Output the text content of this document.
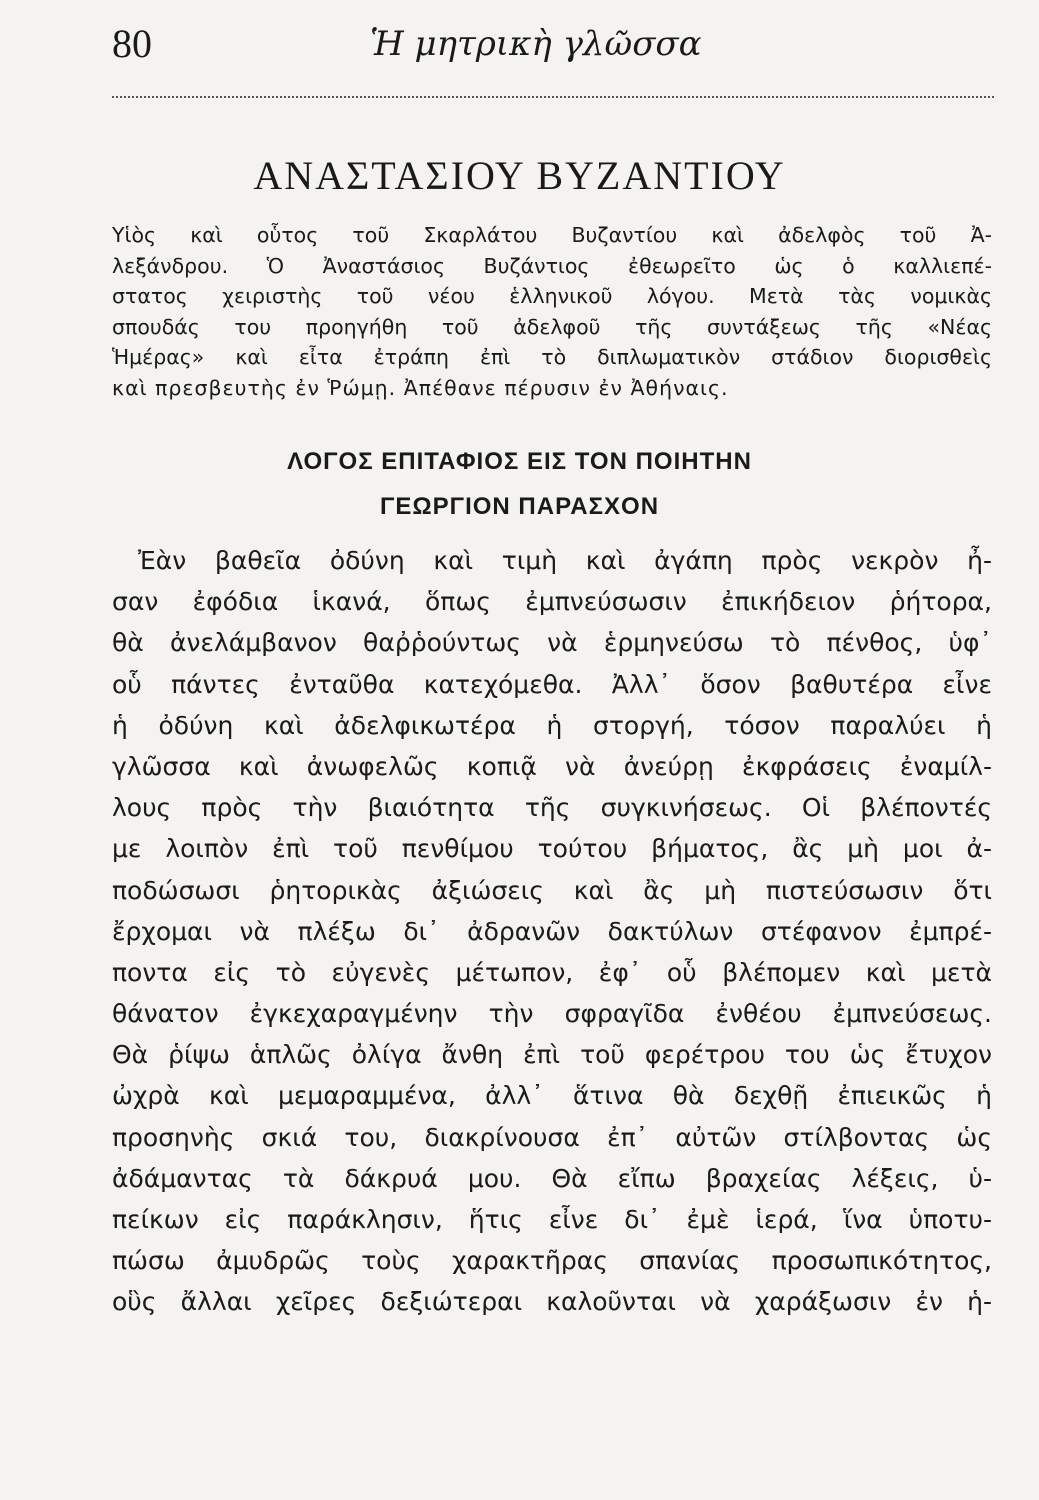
80	Ἡ μητρικὴ γλῶσσα
ΑΝΑΣΤΑΣΙΟΥ ΒΥΖΑΝΤΙΟΥ
Υἱὸς καὶ οὗτος τοῦ Σκαρλάτου Βυζαντίου καὶ ἀδελφὸς τοῦ Ἀ-
λεξάνδρου. Ὁ Ἀναστάσιος Βυζάντιος ἐθεωρεῖτο ὡς ὁ καλλιεπέ-
στατος χειριστὴς τοῦ νέου ἑλληνικοῦ λόγου. Μετὰ τὰς νομικὰς
σπουδάς του προηγήθη τοῦ ἀδελφοῦ τῆς συντάξεως τῆς «Νέας
Ἡμέρας» καὶ εἶτα ἐτράπη ἐπὶ τὸ διπλωματικὸν στάδιον διορισθεὶς
καὶ πρεσβευτὴς ἐν Ῥώμῃ. Ἀπέθανε πέρυσιν ἐν Ἀθήναις.
ΛΟΓΟΣ ΕΠΙΤΑΦΙΟΣ ΕΙΣ ΤΟΝ ΠΟΙΗΤΗΝ
ΓΕΩΡΓΙΟΝ ΠΑΡΑΣΧΟΝ
Ἐὰν βαθεῖα ὀδύνη καὶ τιμὴ καὶ ἀγάπη πρὸς νεκρὸν ἦ-
σαν ἐφόδια ἱκανά, ὅπως ἐμπνεύσωσιν ἐπικήδειον ῥήτορα,
θὰ ἀνελάμβανον θαῤῥούντως νὰ ἑρμηνεύσω τὸ πένθος, ὑφ᾽
οὗ πάντες ἐνταῦθα κατεχόμεθα. Ἀλλ᾽ ὅσον βαθυτέρα εἶνε
ἡ ὀδύνη καὶ ἀδελφικωτέρα ἡ στοργή, τόσον παραλύει ἡ
γλῶσσα καὶ ἀνωφελῶς κοπιᾷ νὰ ἀνεύρῃ ἐκφράσεις ἐναμίλ-
λους πρὸς τὴν βιαιότητα τῆς συγκινήσεως. Οἱ βλέποντές
με λοιπὸν ἐπὶ τοῦ πενθίμου τούτου βήματος, ἂς μὴ μοι ἀ-
ποδώσωσι ῥητορικὰς ἀξιώσεις καὶ ἂς μὴ πιστεύσωσιν ὅτι
ἔρχομαι νὰ πλέξω δι᾽ ἀδρανῶν δακτύλων στέφανον ἐμπρέ-
ποντα εἰς τὸ εὐγενὲς μέτωπον, ἐφ᾽ οὗ βλέπομεν καὶ μετὰ
θάνατον ἐγκεχαραγμένην τὴν σφραγῖδα ἐνθέου ἐμπνεύσεως.
Θὰ ῥίψω ἁπλῶς ὀλίγα ἄνθη ἐπὶ τοῦ φερέτρου του ὡς ἔτυχον
ὠχρὰ καὶ μεμαραμμένα, ἀλλ᾽ ἅτινα θὰ δεχθῇ ἐπιεικῶς ἡ
προσηνὴς σκιά του, διακρίνουσα ἐπ᾽ αὐτῶν στίλβοντας ὡς
ἀδάμαντας τὰ δάκρυά μου. Θὰ εἴπω βραχείας λέξεις, ὑ-
πείκων εἰς παράκλησιν, ἥτις εἶνε δι᾽ ἐμὲ ἱερά, ἵνα ὑποτυ-
πώσω ἀμυδρῶς τοὺς χαρακτῆρας σπανίας προσωπικότητος,
οὓς ἄλλαι χεῖρες δεξιώτεραι καλοῦνται νὰ χαράξωσιν ἐν ἡ-
